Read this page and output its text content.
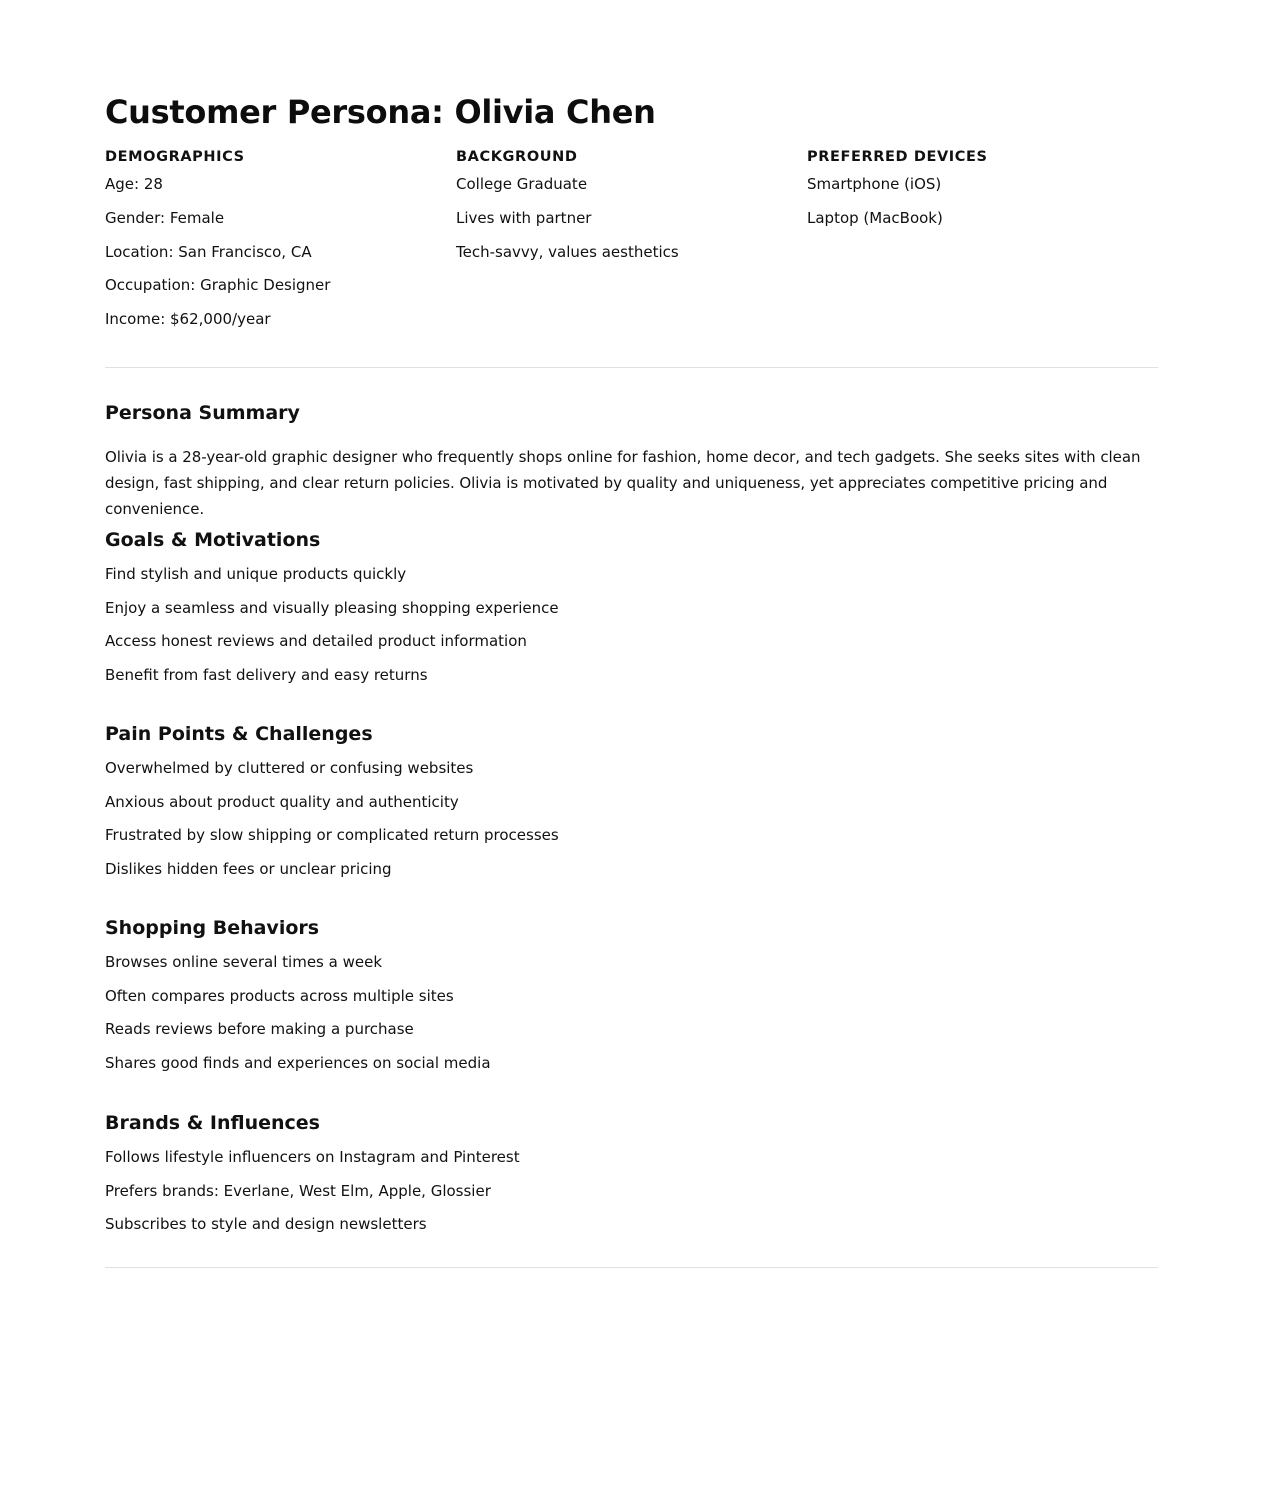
Customer Persona: Olivia Chen
DEMOGRAPHICS
Age: 28
Gender: Female
Location: San Francisco, CA
Occupation: Graphic Designer
Income: $62,000/year
BACKGROUND
College Graduate
Lives with partner
Tech-savvy, values aesthetics
PREFERRED DEVICES
Smartphone (iOS)
Laptop (MacBook)
Persona Summary

Olivia is a 28-year-old graphic designer who frequently shops online for fashion, home decor, and tech gadgets. She seeks sites with clean design, fast shipping, and clear return policies. Olivia is motivated by quality and uniqueness, yet appreciates competitive pricing and convenience.

Goals & Motivations
Find stylish and unique products quickly
Enjoy a seamless and visually pleasing shopping experience
Access honest reviews and detailed product information
Benefit from fast delivery and easy returns
Pain Points & Challenges
Overwhelmed by cluttered or confusing websites
Anxious about product quality and authenticity
Frustrated by slow shipping or complicated return processes
Dislikes hidden fees or unclear pricing
Shopping Behaviors
Browses online several times a week
Often compares products across multiple sites
Reads reviews before making a purchase
Shares good finds and experiences on social media
Brands & Influences
Follows lifestyle influencers on Instagram and Pinterest
Prefers brands: Everlane, West Elm, Apple, Glossier
Subscribes to style and design newsletters
